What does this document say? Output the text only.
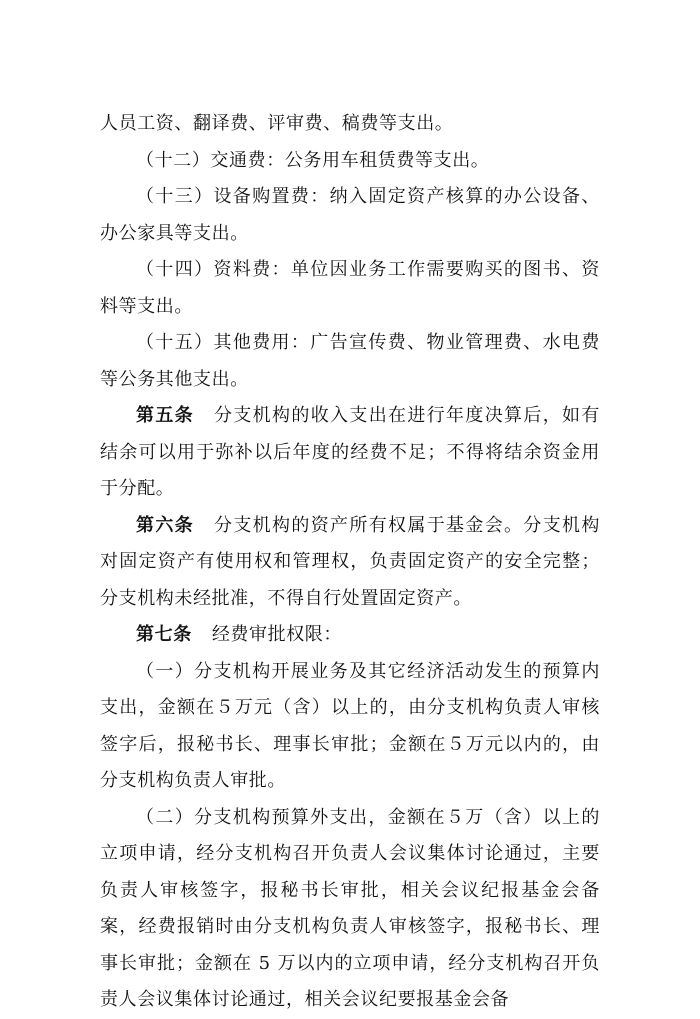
人员工资、翻译费、评审费、稿费等支出。

（十二）交通费：公务用车租赁费等支出。

（十三）设备购置费：纳入固定资产核算的办公设备、办公家具等支出。

（十四）资料费：单位因业务工作需要购买的图书、资料等支出。

（十五）其他费用：广告宣传费、物业管理费、水电费等公务其他支出。

第五条 分支机构的收入支出在进行年度决算后，如有结余可以用于弥补以后年度的经费不足；不得将结余资金用于分配。

第六条 分支机构的资产所有权属于基金会。分支机构对固定资产有使用权和管理权，负责固定资产的安全完整；分支机构未经批准，不得自行处置固定资产。

第七条 经费审批权限：

（一）分支机构开展业务及其它经济活动发生的预算内支出，金额在５万元（含）以上的，由分支机构负责人审核签字后，报秘书长、理事长审批；金额在５万元以内的，由分支机构负责人审批。

（二）分支机构预算外支出，金额在５万（含）以上的立项申请，经分支机构召开负责人会议集体讨论通过，主要负责人审核签字，报秘书长审批，相关会议纪报基金会备案，经费报销时由分支机构负责人审核签字，报秘书长、理事长审批；金额在 5 万以内的立项申请，经分支机构召开负责人会议集体讨论通过，相关会议纪要报基金会备
